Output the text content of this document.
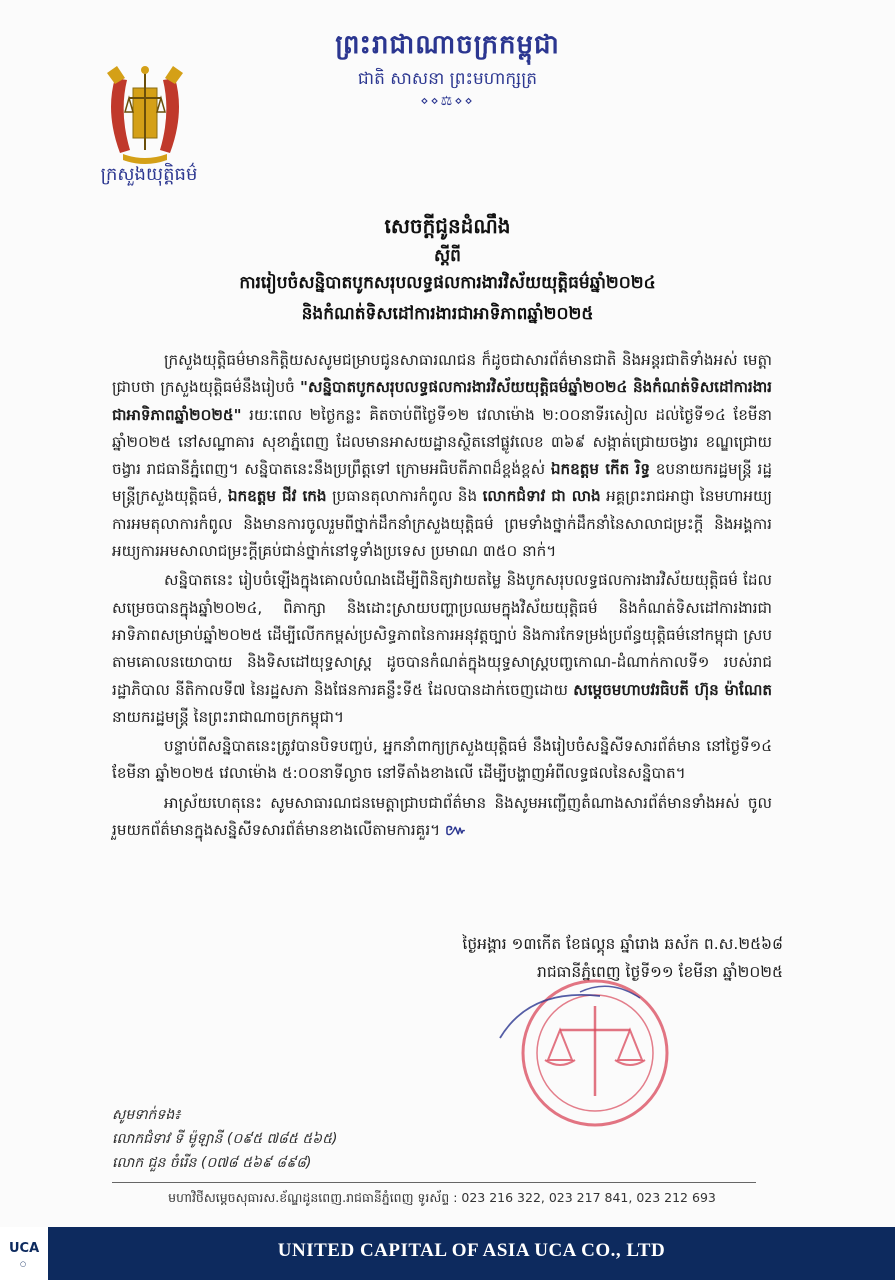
ព្រះរាជាណាចក្រកម្ពុជា
ជាតិ សាសនា ព្រះមហាក្សត្រ
⋄⋄⚖⋄⋄
ក្រសួងយុត្តិធម៌
សេចក្តីជូនដំណឹង
ស្តីពី
ការរៀបចំសន្និបាតបូកសរុបលទ្ធផលការងារវិស័យយុត្តិធម៌ឆ្នាំ២០២៤
និងកំណត់ទិសដៅការងារជាអាទិភាពឆ្នាំ២០២៥

ក្រសួងយុត្តិធម៌មានកិត្តិយសសូមជម្រាបជូនសាធារណជន ក៏ដូចជាសារព័ត៌មានជាតិ និងអន្តរជាតិទាំងអស់ មេត្តាជ្រាបថា ក្រសួងយុត្តិធម៌នឹងរៀបចំ "សន្និបាតបូកសរុបលទ្ធផលការងារវិស័យយុត្តិធម៌ឆ្នាំ២០២៤ និងកំណត់ទិសដៅការងារជាអាទិភាពឆ្នាំ២០២៥" រយៈពេល ២ថ្ងៃកន្លះ គិតចាប់ពីថ្ងៃទី១២ វេលាម៉ោង ២:០០នាទីរសៀល ដល់ថ្ងៃទី១៤ ខែមីនា ឆ្នាំ២០២៥ នៅសណ្ឋាគារ សុខាភ្នំពេញ ដែលមានអាសយដ្ឋានស្ថិតនៅផ្លូវលេខ ៣៦៩ សង្កាត់ជ្រោយចង្វារ ខណ្ឌជ្រោយចង្វារ រាជធានីភ្នំពេញ។ សន្និបាតនេះនឹងប្រព្រឹត្តទៅ ក្រោមអធិបតីភាពដ៏ខ្ពង់ខ្ពស់ ឯកឧត្តម កើត រិទ្ធ ឧបនាយករដ្ឋមន្ត្រី រដ្ឋមន្ត្រីក្រសួងយុត្តិធម៌, ឯកឧត្តម ជីវ កេង ប្រធានតុលាការកំពូល និង លោកជំទាវ ជា លាង អគ្គព្រះរាជអាជ្ញា នៃមហាអយ្យការអមតុលាការកំពូល និងមានការចូលរួមពីថ្នាក់ដឹកនាំក្រសួងយុត្តិធម៌ ព្រមទាំងថ្នាក់ដឹកនាំនៃសាលាជម្រះក្តី និងអង្គការអយ្យការអមសាលាជម្រះក្តីគ្រប់ជាន់ថ្នាក់នៅទូទាំងប្រទេស ប្រមាណ ៣៥០ នាក់។

សន្និបាតនេះ រៀបចំឡើងក្នុងគោលបំណងដើម្បីពិនិត្យវាយតម្លៃ និងបូកសរុបលទ្ធផលការងារវិស័យយុត្តិធម៌ ដែលសម្រេចបានក្នុងឆ្នាំ២០២៤, ពិភាក្សា និងដោះស្រាយបញ្ហាប្រឈមក្នុងវិស័យយុត្តិធម៌ និងកំណត់ទិសដៅការងារជាអាទិភាពសម្រាប់ឆ្នាំ២០២៥ ដើម្បីលើកកម្ពស់ប្រសិទ្ធភាពនៃការអនុវត្តច្បាប់ និងការកែទម្រង់ប្រព័ន្ធយុត្តិធម៌នៅកម្ពុជា ស្របតាមគោលនយោបាយ និងទិសដៅយុទ្ធសាស្ត្រ ដូចបានកំណត់ក្នុងយុទ្ធសាស្ត្របញ្ចកោណ-ដំណាក់កាលទី១ របស់រាជរដ្ឋាភិបាល នីតិកាលទី៧ នៃរដ្ឋសភា និងផែនការគន្លឹះទី៥ ដែលបានដាក់ចេញដោយ សម្តេចមហាបវរធិបតី ហ៊ុន ម៉ាណែត នាយករដ្ឋមន្ត្រី នៃព្រះរាជាណាចក្រកម្ពុជា។

បន្ទាប់ពីសន្និបាតនេះត្រូវបានបិទបញ្ចប់, អ្នកនាំពាក្យក្រសួងយុត្តិធម៌ នឹងរៀបចំសន្និសីទសារព័ត៌មាន នៅថ្ងៃទី១៤ ខែមីនា ឆ្នាំ២០២៥ វេលាម៉ោង ៥:០០នាទីល្ងាច នៅទីតាំងខាងលើ ដើម្បីបង្ហាញអំពីលទ្ធផលនៃសន្និបាត។

អាស្រ័យហេតុនេះ សូមសាធារណជនមេត្តាជ្រាបជាព័ត៌មាន និងសូមអញ្ជើញតំណាងសារព័ត៌មានទាំងអស់ ចូលរួមយកព័ត៌មានក្នុងសន្និសីទសារព័ត៌មានខាងលើតាមការគួរ។ ៚

ថ្ងៃអង្គារ ១៣កើត ខែផល្គុន ឆ្នាំរោង ឆស័ក ព.ស.២៥៦៨
រាជធានីភ្នំពេញ ថ្ងៃទី១១ ខែមីនា ឆ្នាំ២០២៥
សូមទាក់ទង៖
លោកជំទាវ ទី ម៉ូឡានី (០៩៥ ៧៨៥ ៥៦៥)
លោក ជួន ចំរើន (០៧៨ ៥៦៩ ៨៩៨)
មហាវិថីសម្តេចសុធារស.ខ័ណ្ឌដូនពេញ.រាជធានីភ្នំពេញ ទូរស័ព្ទ : 023 216 322, 023 217 841, 023 212 693
UCA
○
UNITED CAPITAL OF ASIA UCA CO., LTD
